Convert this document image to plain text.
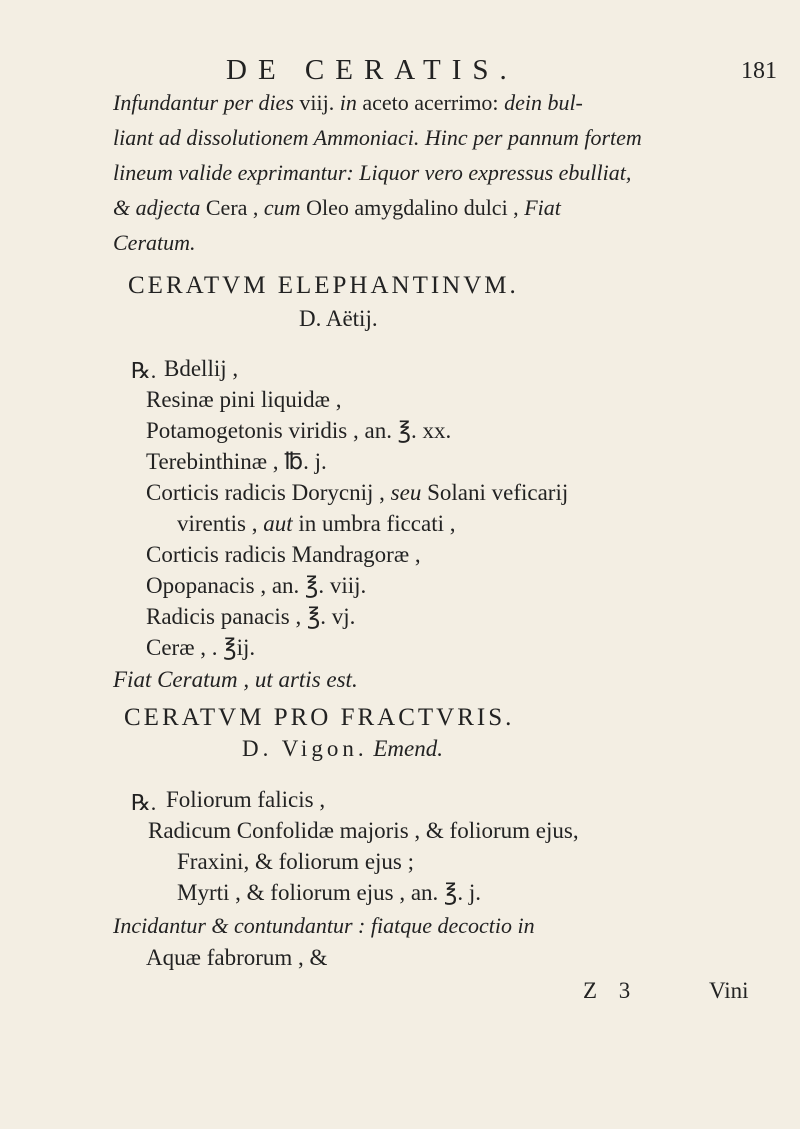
DE CERATIS.	181
Infundantur per dies viij. in aceto acerrimo: dein bul-
liant ad dissolutionem Ammoniaci. Hinc per pannum fortem
lineum valide exprimantur: Liquor vero expressus ebulliat,
& adjecta Cera , cum Oleo amygdalino dulci , Fiat
Ceratum.
CERATVM ELEPHANTINVM.
D. Aëtij.
℞. Bdellij ,
Resinæ pini liquidæ ,
Potamogetonis viridis , an. ℥. xx.
Terebinthinæ , ℔. j.
Corticis radicis Dorycnij , seu Solani veficarij
virentis , aut in umbra ficcati ,
Corticis radicis Mandragoræ ,
Opopanacis , an. ℥. viij.
Radicis panacis , ℥. vj.
Ceræ , . ℥ij.
Fiat Ceratum , ut artis est.
CERATVM PRO FRACTVRIS.
D. Vigon. Emend.
℞. Foliorum falicis ,
Radicum Confolidæ majoris , & foliorum ejus,
Fraxini, & foliorum ejus ;
Myrti , & foliorum ejus , an. ℥. j.
Incidantur & contundantur : fiatque decoctio in
Aquæ fabrorum , &
Z 3	Vini
